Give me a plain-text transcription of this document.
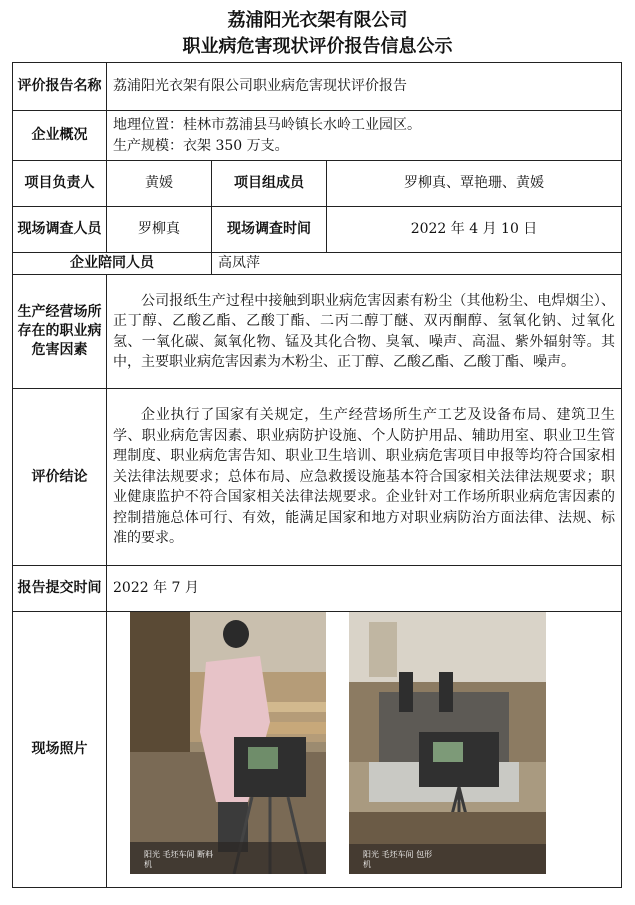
荔浦阳光衣架有限公司
职业病危害现状评价报告信息公示
评价报告名称	荔浦阳光衣架有限公司职业病危害现状评价报告		
企业概况	地理位置：桂林市荔浦县马岭镇长水岭工业园区。
生产规模：衣架 350 万支。		

项目负责人	黄媛	项目组成员	罗柳真、覃艳珊、黄媛
现场调查人员	罗柳真	现场调查时间	2022 年 4 月 10 日
企业陪同人员		高凤萍	
生产经营场所存在的职业病危害因素	公司报纸生产过程中接触到职业病危害因素有粉尘（其他粉尘、电焊烟尘）、正丁醇、乙酸乙酯、乙酸丁酯、二丙二醇丁醚、双丙酮醇、氢氧化钠、过氧化氢、一氧化碳、氮氧化物、锰及其化合物、臭氧、噪声、高温、紫外辐射等。其中，主要职业病危害因素为木粉尘、正丁醇、乙酸乙酯、乙酸丁酯、噪声。		
评价结论	企业执行了国家有关规定，生产经营场所生产工艺及设备布局、建筑卫生学、职业病危害因素、职业病防护设施、个人防护用品、辅助用室、职业卫生管理制度、职业病危害告知、职业卫生培训、职业病危害项目申报等均符合国家相关法律法规要求；总体布局、应急救援设施基本符合国家相关法律法规要求；职业健康监护不符合国家相关法律法规要求。企业针对工作场所职业病危害因素的控制措施总体可行、有效，能满足国家和地方对职业病防治方面法律、法规、标准的要求。		
报告提交时间	2022 年 7 月		
现场照片	阳光 毛坯车间 断料机
阳光 毛坯车间 包形机		
